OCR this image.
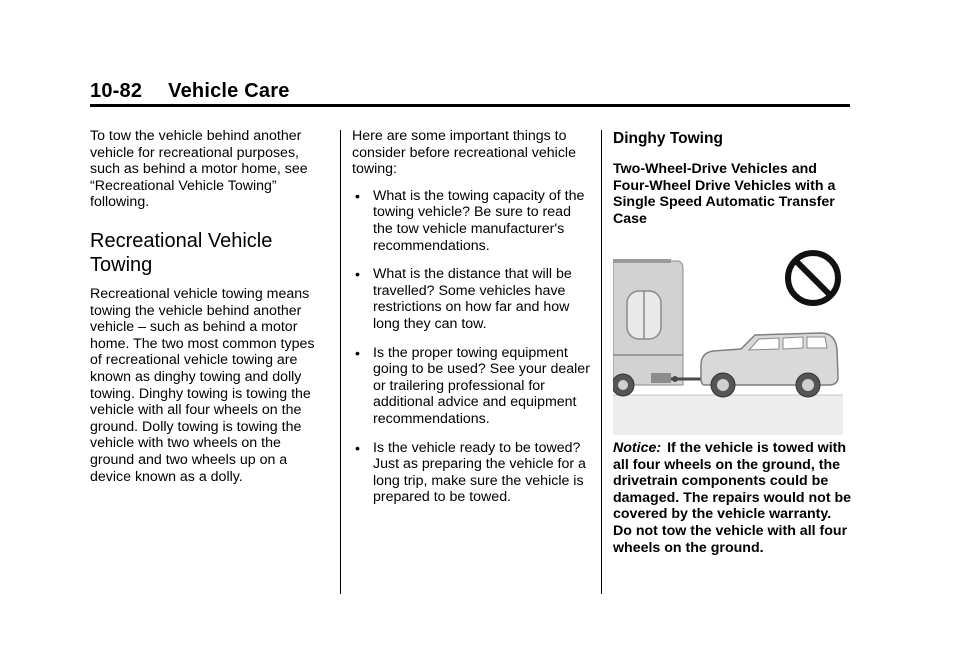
10-82 Vehicle Care

To tow the vehicle behind another vehicle for recreational purposes, such as behind a motor home, see “Recreational Vehicle Towing” following.

Recreational Vehicle Towing

Recreational vehicle towing means towing the vehicle behind another vehicle – such as behind a motor home. The two most common types of recreational vehicle towing are known as dinghy towing and dolly towing. Dinghy towing is towing the vehicle with all four wheels on the ground. Dolly towing is towing the vehicle with two wheels on the ground and two wheels up on a device known as a dolly.

Here are some important things to consider before recreational vehicle towing:

• What is the towing capacity of the towing vehicle? Be sure to read the tow vehicle manufacturer's recommendations.
• What is the distance that will be travelled? Some vehicles have restrictions on how far and how long they can tow.
• Is the proper towing equipment going to be used? See your dealer or trailering professional for additional advice and equipment recommendations.
• Is the vehicle ready to be towed? Just as preparing the vehicle for a long trip, make sure the vehicle is prepared to be towed.
Dinghy Towing

Two-Wheel-Drive Vehicles and Four-Wheel Drive Vehicles with a Single Speed Automatic Transfer Case

Notice: If the vehicle is towed with all four wheels on the ground, the drivetrain components could be damaged. The repairs would not be covered by the vehicle warranty. Do not tow the vehicle with all four wheels on the ground.
